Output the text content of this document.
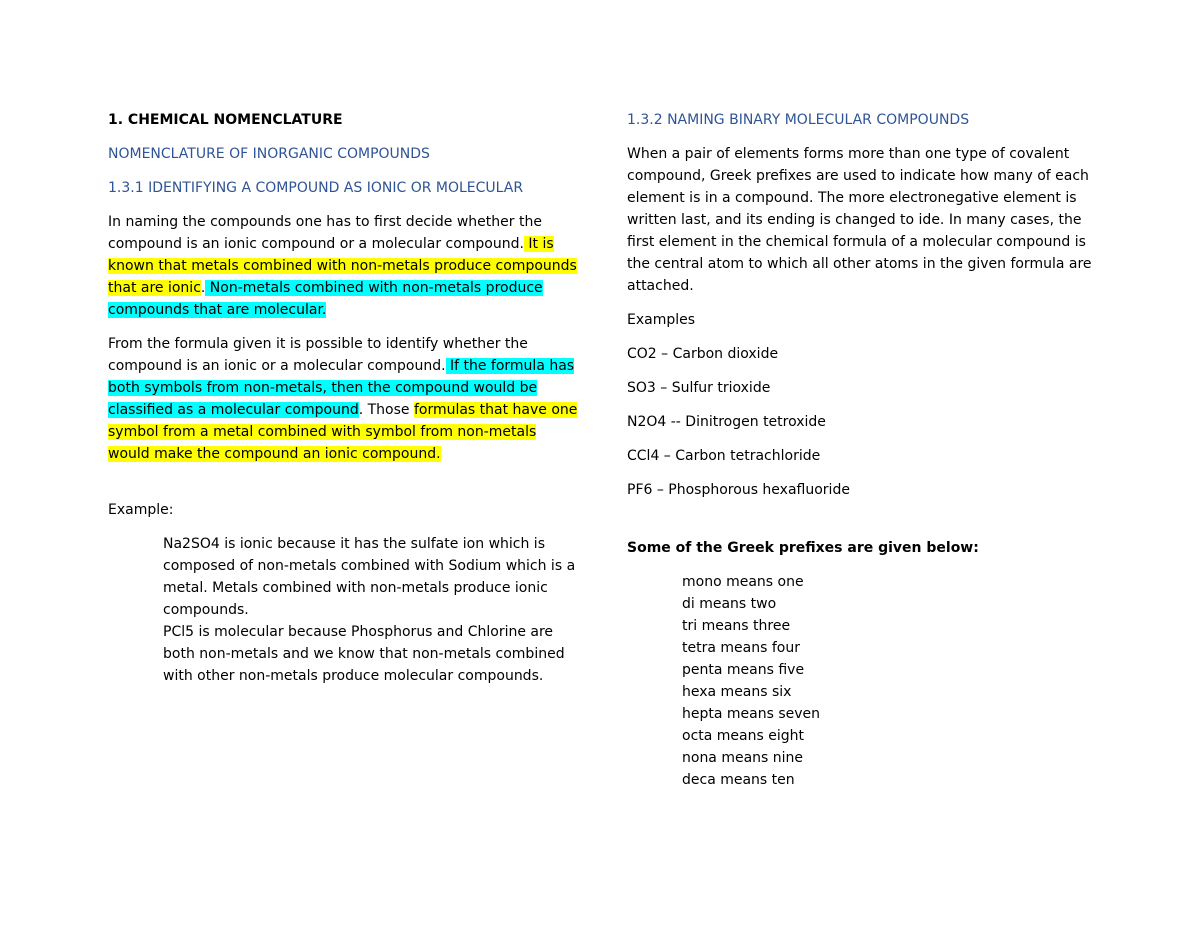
1. CHEMICAL NOMENCLATURE

NOMENCLATURE OF INORGANIC COMPOUNDS

1.3.1 IDENTIFYING A COMPOUND AS IONIC OR MOLECULAR

In naming the compounds one has to first decide whether the compound is an ionic compound or a molecular compound. It is known that metals combined with non-metals produce compounds that are ionic. Non-metals combined with non-metals produce compounds that are molecular.

From the formula given it is possible to identify whether the compound is an ionic or a molecular compound. If the formula has both symbols from non-metals, then the compound would be classified as a molecular compound. Those formulas that have one symbol from a metal combined with symbol from non-metals would make the compound an ionic compound.

Example:

Na2SO4 is ionic because it has the sulfate ion which is composed of non-metals combined with Sodium which is a metal. Metals combined with non-metals produce ionic compounds.

PCl5 is molecular because Phosphorus and Chlorine are both non-metals and we know that non-metals combined with other non-metals produce molecular compounds.

1.3.2 NAMING BINARY MOLECULAR COMPOUNDS

When a pair of elements forms more than one type of covalent compound, Greek prefixes are used to indicate how many of each element is in a compound. The more electronegative element is written last, and its ending is changed to ide. In many cases, the first element in the chemical formula of a molecular compound is the central atom to which all other atoms in the given formula are attached.

Examples

CO2 – Carbon dioxide

SO3 – Sulfur trioxide

N2O4 -- Dinitrogen tetroxide

CCl4 – Carbon tetrachloride

PF6 – Phosphorous hexafluoride

Some of the Greek prefixes are given below:

mono means one
di means two
tri means three
tetra means four
penta means five
hexa means six
hepta means seven
octa means eight
nona means nine
deca means ten
